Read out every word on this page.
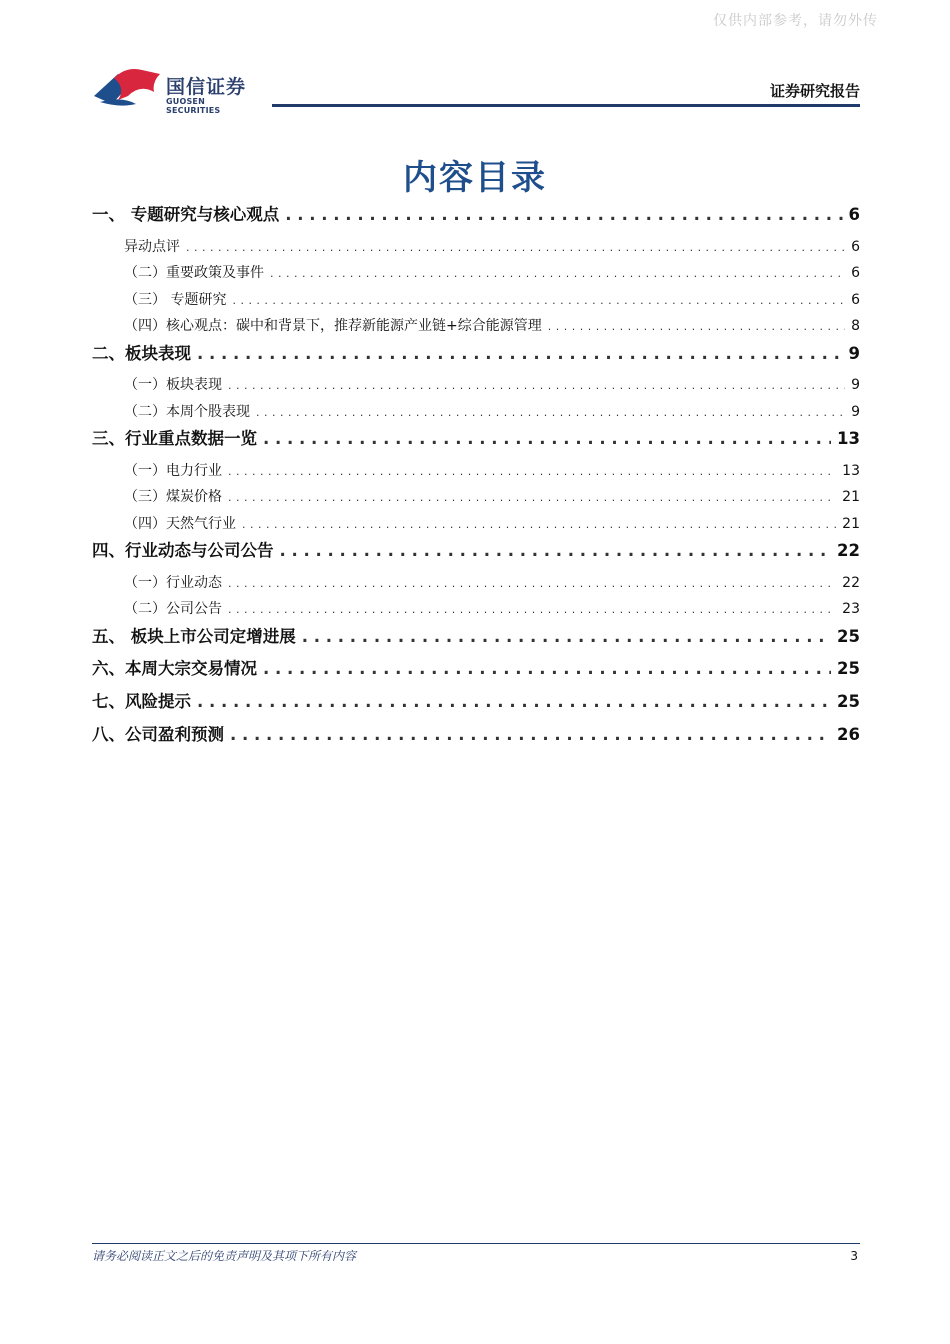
仅供内部参考，请勿外传
国信证券
GUOSEN SECURITIES
证券研究报告
内容目录
一、 专题研究与核心观点 . . .	6
异动点评 . . .	6
（二）重要政策及事件 . . .	6
（三） 专题研究 . . .	6
（四）核心观点：碳中和背景下，推荐新能源产业链+综合能源管理 . . .	8
二、板块表现 . . .	9
（一）板块表现 . . .	9
（二）本周个股表现 . . .	9
三、行业重点数据一览 . . .	13
（一）电力行业 . . .	13
（三）煤炭价格 . . .	21
（四）天然气行业 . . .	21
四、行业动态与公司公告 . . .	22
（一）行业动态 . . .	22
（二）公司公告 . . .	23
五、 板块上市公司定增进展 . . .	25
六、本周大宗交易情况 . . .	25
七、风险提示 . . .	25
八、公司盈利预测 . . .	26
请务必阅读正文之后的免责声明及其项下所有内容	3
